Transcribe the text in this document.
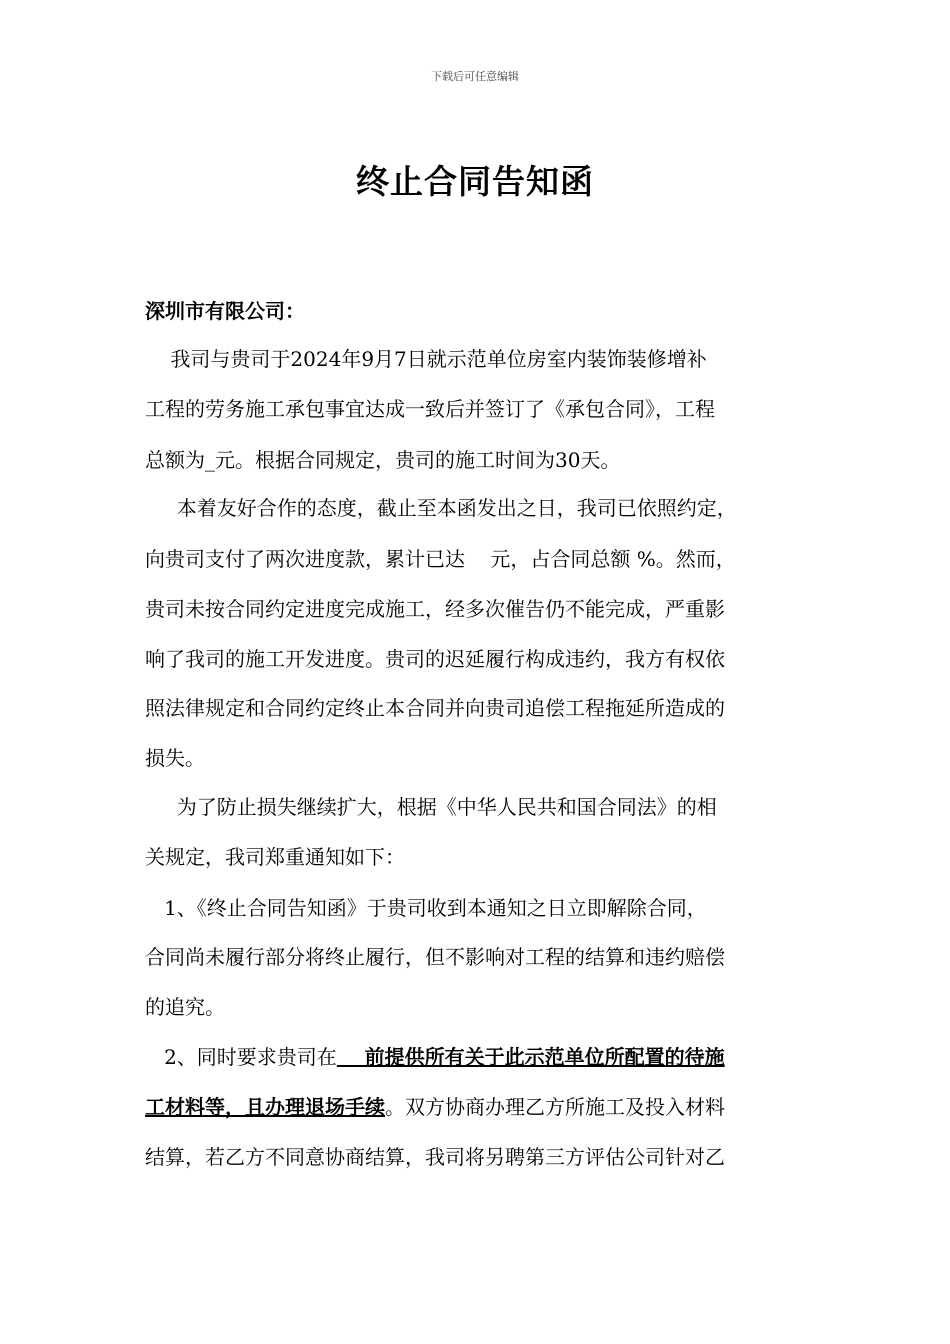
下载后可任意编辑
终止合同告知函
深圳市有限公司：
我司与贵司于2024年9月7日就示范单位房室内装饰装修增补
工程的劳务施工承包事宜达成一致后并签订了《承包合同》，工程
总额为_元。根据合同规定，贵司的施工时间为30天。
本着友好合作的态度，截止至本函发出之日，我司已依照约定，
向贵司支付了两次进度款，累计已达    元，占合同总额 %。然而，
贵司未按合同约定进度完成施工，经多次催告仍不能完成，严重影
响了我司的施工开发进度。贵司的迟延履行构成违约，我方有权依
照法律规定和合同约定终止本合同并向贵司追偿工程拖延所造成的
损失。
为了防止损失继续扩大，根据《中华人民共和国合同法》的相
关规定，我司郑重通知如下：
1、《终止合同告知函》于贵司收到本通知之日立即解除合同，
合同尚未履行部分将终止履行，但不影响对工程的结算和违约赔偿
的追究。
2、同时要求贵司在    前提供所有关于此示范单位所配置的待施
工材料等，且办理退场手续。双方协商办理乙方所施工及投入材料
结算，若乙方不同意协商结算，我司将另聘第三方评估公司针对乙
